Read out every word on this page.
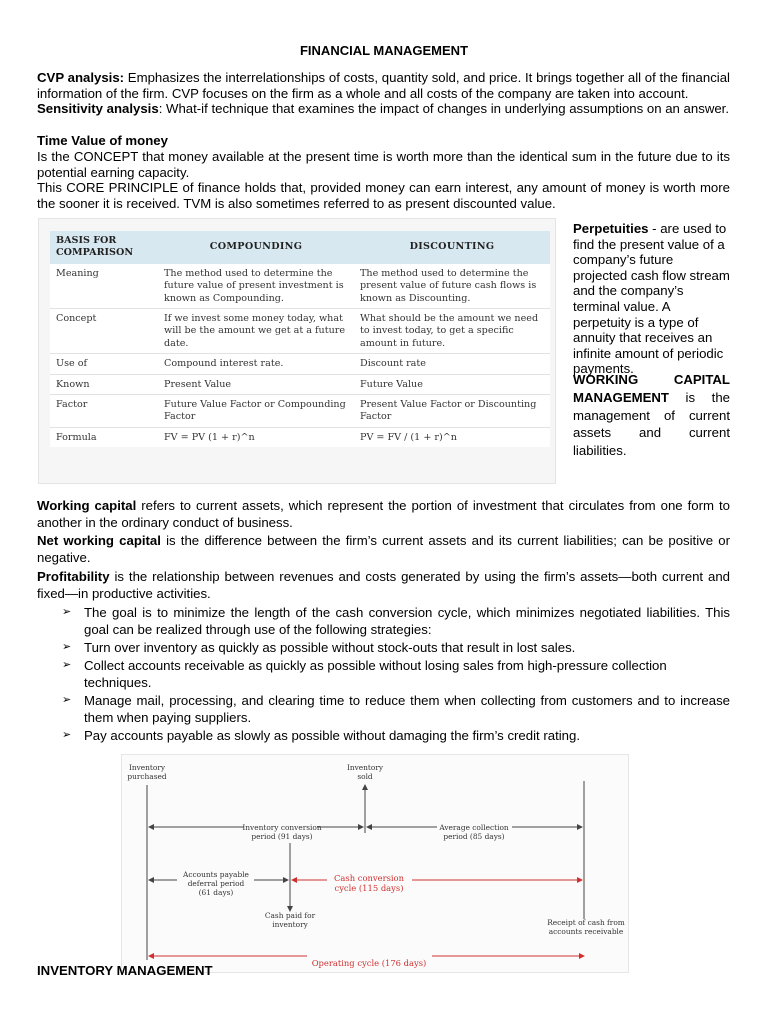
FINANCIAL MANAGEMENT

CVP analysis: Emphasizes the interrelationships of costs, quantity sold, and price. It brings together all of the financial information of the firm. CVP focuses on the firm as a whole and all costs of the company are taken into account.

Sensitivity analysis: What-if technique that examines the impact of changes in underlying assumptions on an answer.

Time Value of money

Is the CONCEPT that money available at the present time is worth more than the identical sum in the future due to its potential earning capacity.

This CORE PRINCIPLE of finance holds that, provided money can earn interest, any amount of money is worth more the sooner it is received. TVM is also sometimes referred to as present discounted value.

BASIS FOR COMPARISON	COMPOUNDING	DISCOUNTING
Meaning	The method used to determine the future value of present investment is known as Compounding.	The method used to determine the present value of future cash flows is known as Discounting.
Concept	If we invest some money today, what will be the amount we get at a future date.	What should be the amount we need to invest today, to get a specific amount in future.
Use of	Compound interest rate.	Discount rate
Known	Present Value	Future Value
Factor	Future Value Factor or Compounding Factor	Present Value Factor or Discounting Factor
Formula	FV = PV (1 + r)^n	PV = FV / (1 + r)^n

Perpetuities - are used to find the present value of a company’s future projected cash flow stream and the company’s terminal value. A perpetuity is a type of annuity that receives an infinite amount of periodic payments.

WORKING CAPITAL MANAGEMENT is the management of current assets and current liabilities.

Working capital refers to current assets, which represent the portion of investment that circulates from one form to another in the ordinary conduct of business.

Net working capital is the difference between the firm’s current assets and its current liabilities; can be positive or negative.

Profitability is the relationship between revenues and costs generated by using the firm’s assets—both current and fixed—in productive activities.

➢ The goal is to minimize the length of the cash conversion cycle, which minimizes negotiated liabilities. This goal can be realized through use of the following strategies:
➢ Turn over inventory as quickly as possible without stock-outs that result in lost sales.
➢ Collect accounts receivable as quickly as possible without losing sales from high-pressure collection techniques.
➢ Manage mail, processing, and clearing time to reduce them when collecting from customers and to increase them when paying suppliers.
➢ Pay accounts payable as slowly as possible without damaging the firm’s credit rating.
Inventory purchased
Inventory sold
Inventory conversion period (91 days)
Average collection period (85 days)
Accounts payable deferral period (61 days)
Cash conversion cycle (115 days)
Cash paid for inventory	Receipt of cash from accounts receivable
Operating cycle (176 days)
INVENTORY MANAGEMENT
